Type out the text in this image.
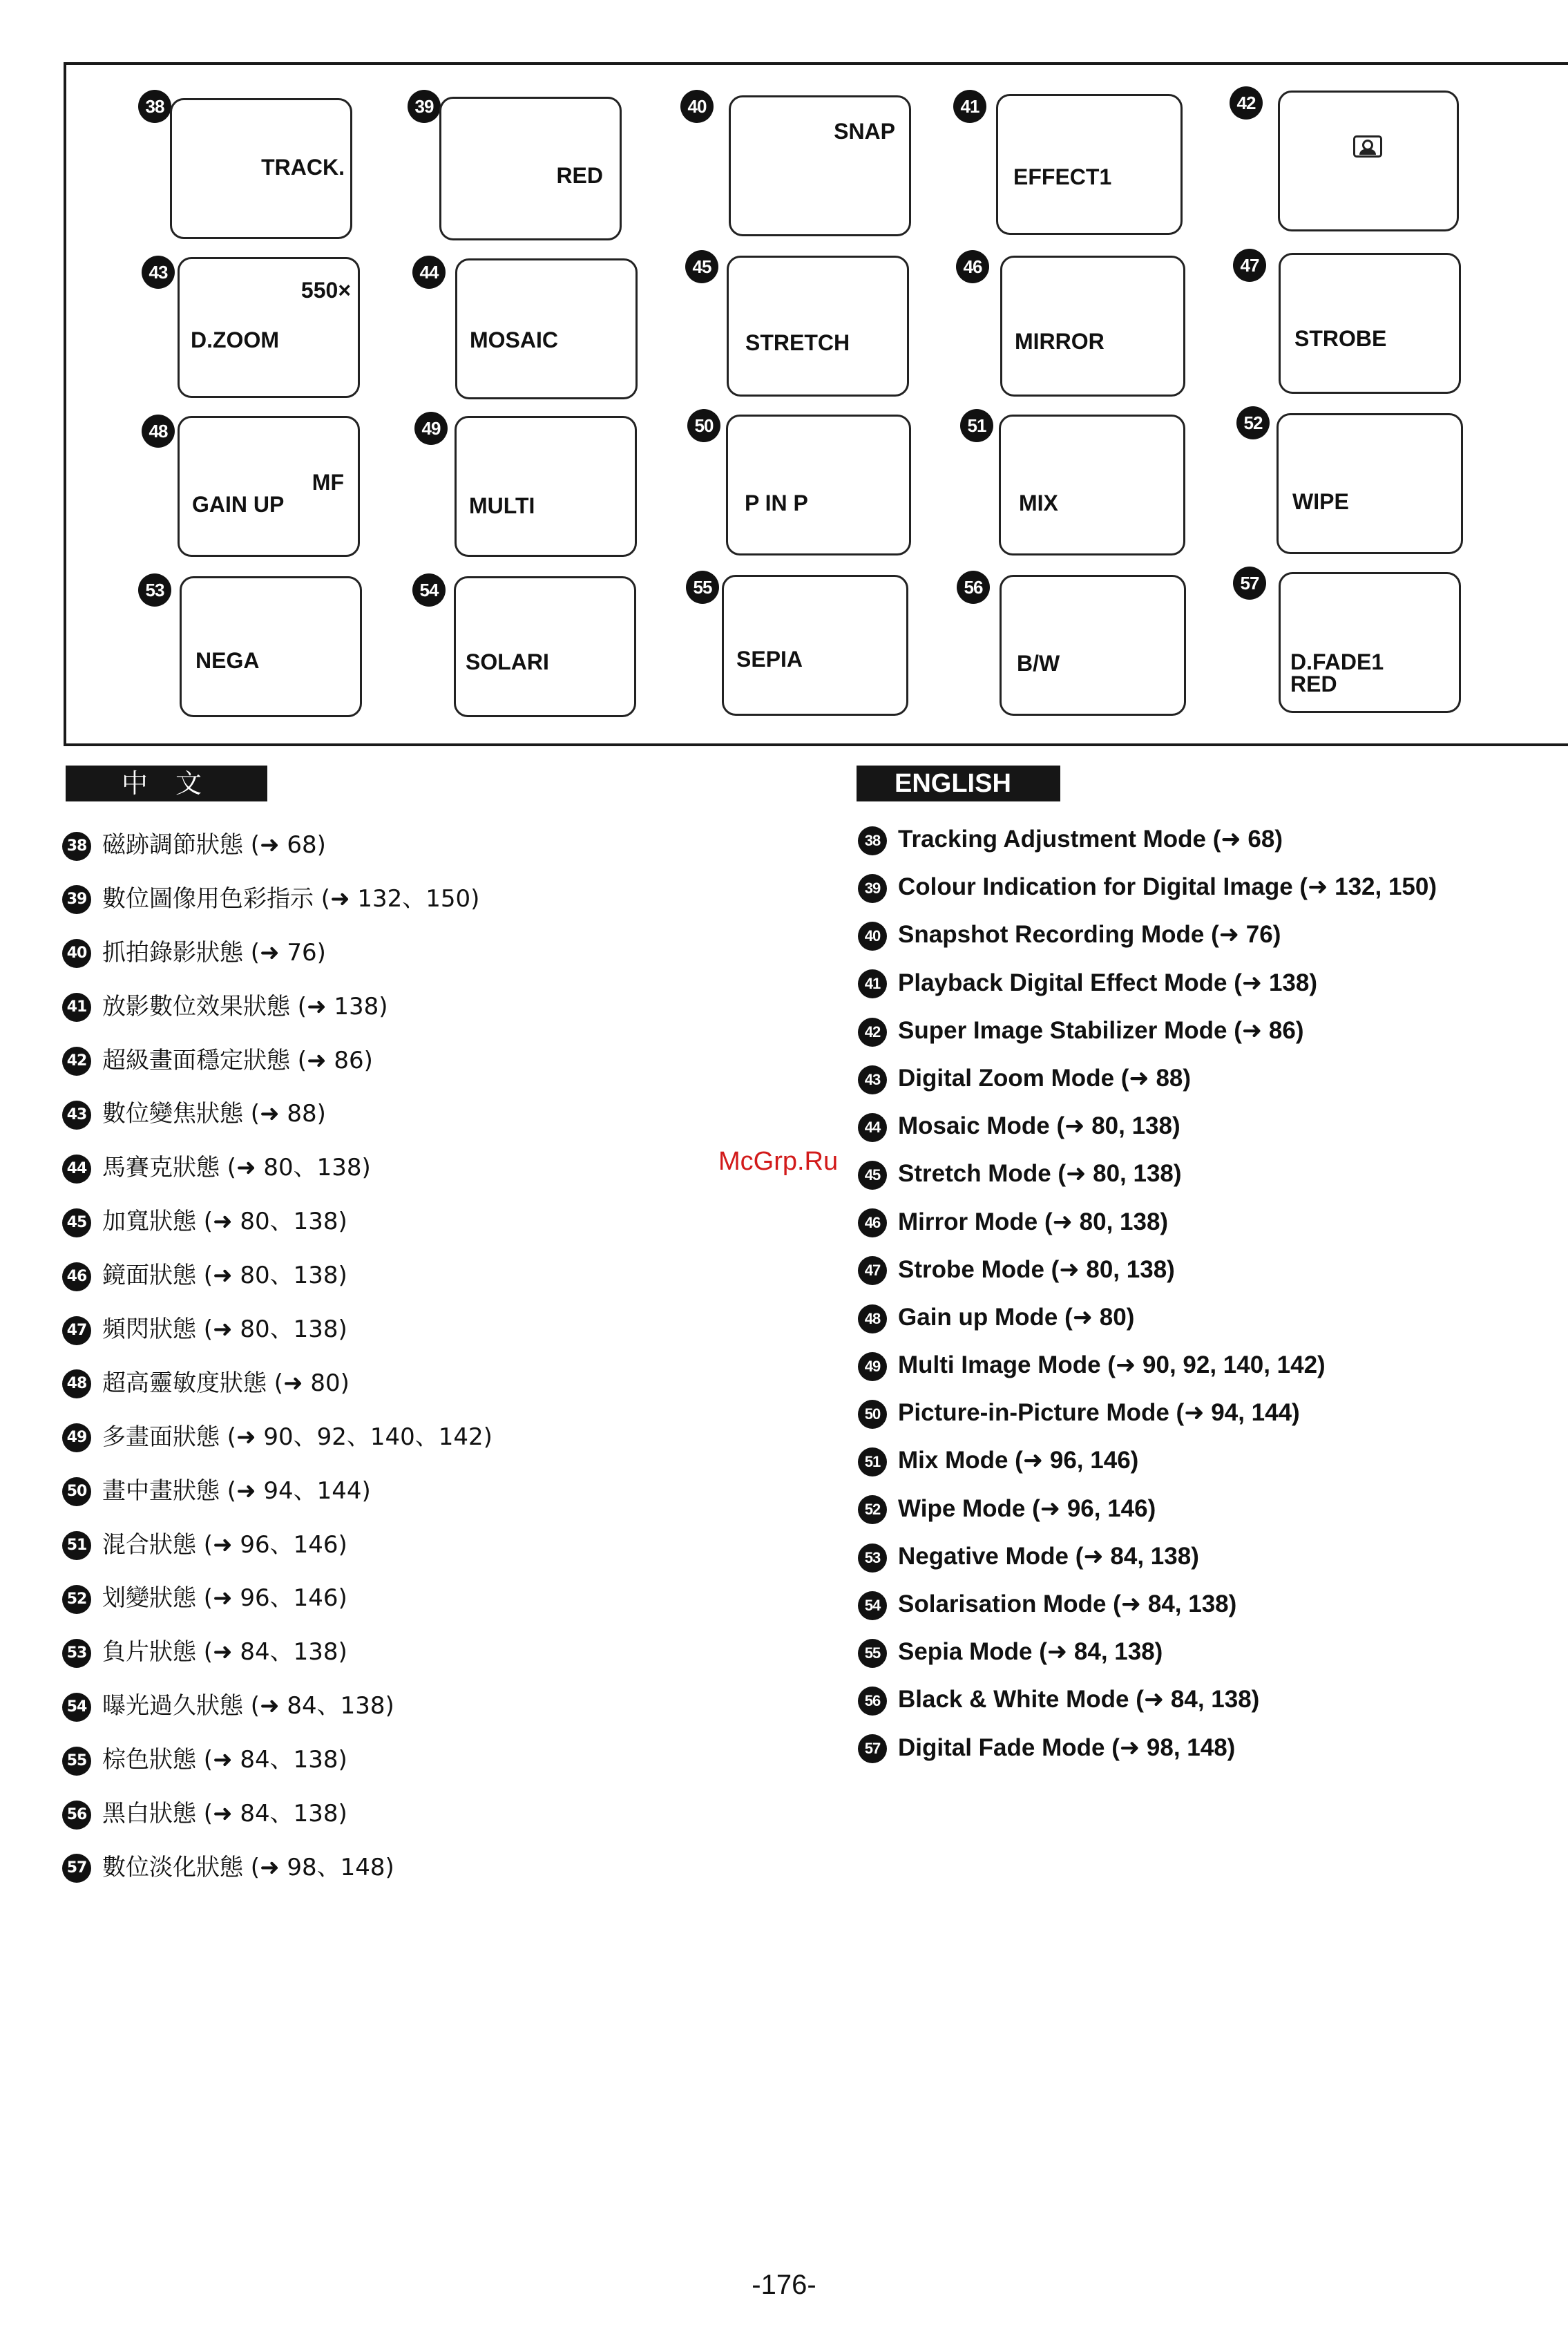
38
TRACK.
39
RED
40
SNAP
41
EFFECT1
42
43
550×
D.ZOOM
44
MOSAIC
45
STRETCH
46
MIRROR
47
STROBE
48
MF
GAIN UP
49
MULTI
50
P IN P
51
MIX
52
WIPE
53
NEGA
54
SOLARI
55
SEPIA
56
B/W
57
D.FADE1
RED
中 文
38 磁跡調節狀態 (➜ 68)
39 數位圖像用色彩指示 (➜ 132、150)
40 抓拍錄影狀態 (➜ 76)
41 放影數位效果狀態 (➜ 138)
42 超級畫面穩定狀態 (➜ 86)
43 數位變焦狀態 (➜ 88)
44 馬賽克狀態 (➜ 80、138)
45 加寬狀態 (➜ 80、138)
46 鏡面狀態 (➜ 80、138)
47 頻閃狀態 (➜ 80、138)
48 超高靈敏度狀態 (➜ 80)
49 多畫面狀態 (➜ 90、92、140、142)
50 畫中畫狀態 (➜ 94、144)
51 混合狀態 (➜ 96、146)
52 划變狀態 (➜ 96、146)
53 負片狀態 (➜ 84、138)
54 曝光過久狀態 (➜ 84、138)
55 棕色狀態 (➜ 84、138)
56 黑白狀態 (➜ 84、138)
57 數位淡化狀態 (➜ 98、148)
ENGLISH
38 Tracking Adjustment Mode (➜ 68)
39 Colour Indication for Digital Image (➜ 132, 150)
40 Snapshot Recording Mode (➜ 76)
41 Playback Digital Effect Mode (➜ 138)
42 Super Image Stabilizer Mode (➜ 86)
43 Digital Zoom Mode (➜ 88)
44 Mosaic Mode (➜ 80, 138)
45 Stretch Mode (➜ 80, 138)
46 Mirror Mode (➜ 80, 138)
47 Strobe Mode (➜ 80, 138)
48 Gain up Mode (➜ 80)
49 Multi Image Mode (➜ 90, 92, 140, 142)
50 Picture-in-Picture Mode (➜ 94, 144)
51 Mix Mode (➜ 96, 146)
52 Wipe Mode (➜ 96, 146)
53 Negative Mode (➜ 84, 138)
54 Solarisation Mode (➜ 84, 138)
55 Sepia Mode (➜ 84, 138)
56 Black & White Mode (➜ 84, 138)
57 Digital Fade Mode (➜ 98, 148)
McGrp.Ru
-176-
